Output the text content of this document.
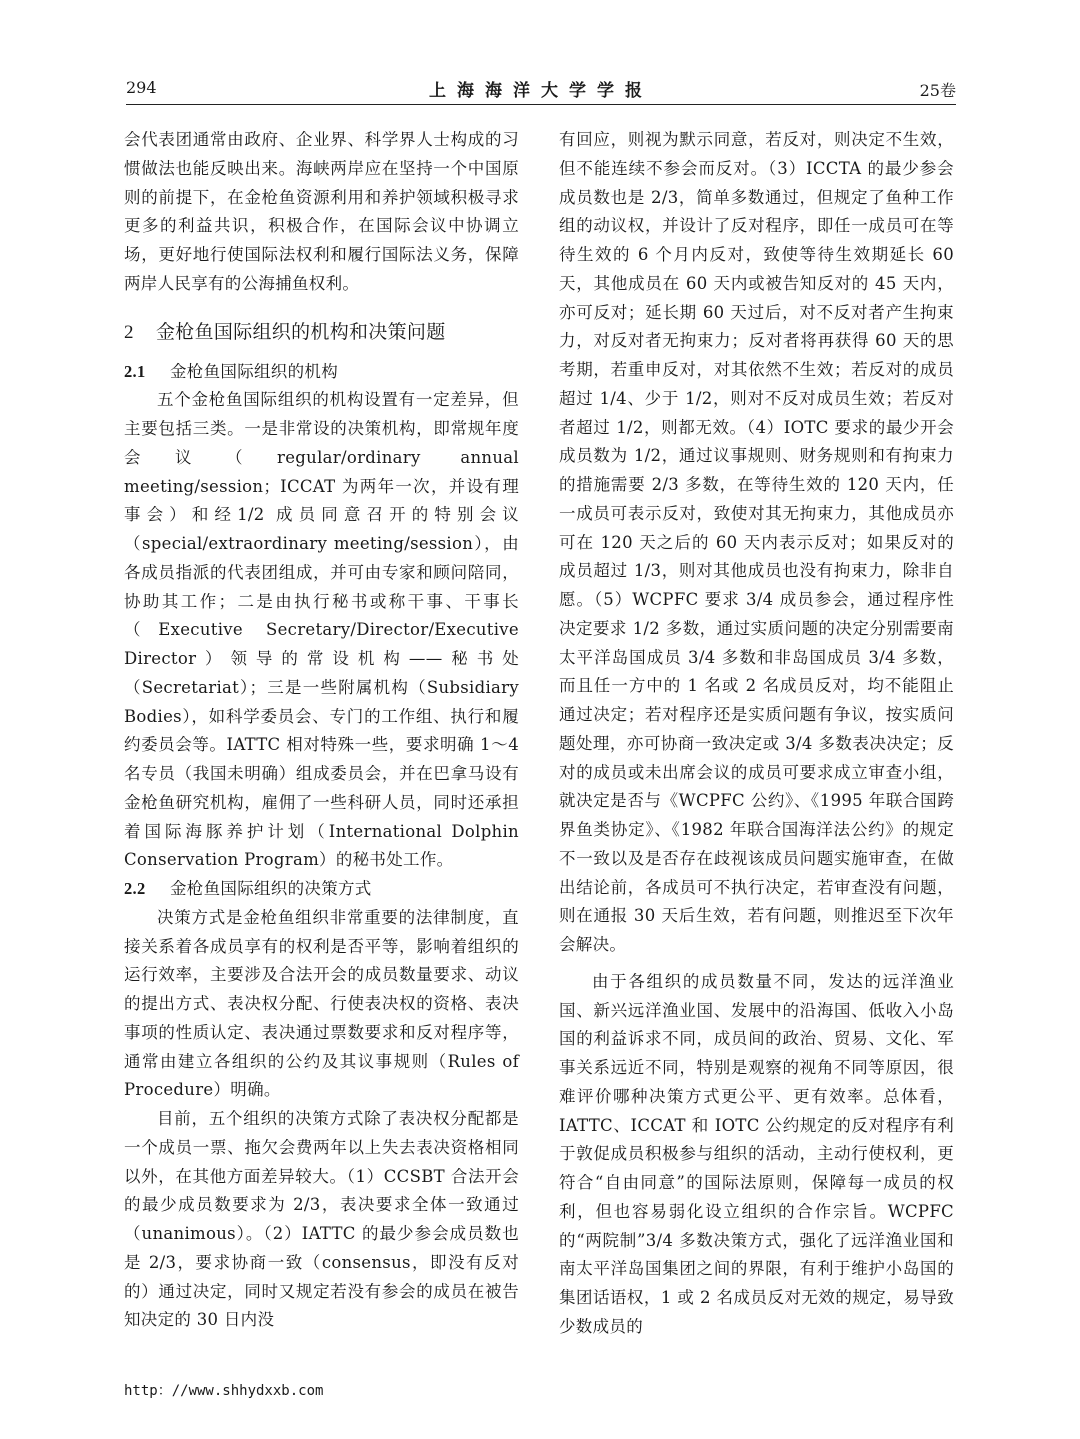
294	上海海洋大学学报	25卷

会代表团通常由政府、企业界、科学界人士构成的习惯做法也能反映出来。海峡两岸应在坚持一个中国原则的前提下，在金枪鱼资源利用和养护领域积极寻求更多的利益共识，积极合作，在国际会议中协调立场，更好地行使国际法权利和履行国际法义务，保障两岸人民享有的公海捕鱼权利。

2 金枪鱼国际组织的机构和决策问题
2.1 金枪鱼国际组织的机构

五个金枪鱼国际组织的机构设置有一定差异，但主要包括三类。一是非常设的决策机构，即常规年度会议（regular/ordinary annual meeting/session；ICCAT 为两年一次，并设有理事会）和经1/2 成员同意召开的特别会议（special/extraordinary meeting/session），由各成员指派的代表团组成，并可由专家和顾问陪同，协助其工作；二是由执行秘书或称干事、干事长（Executive Secretary/Director/Executive Director）领导的常设机构——秘书处（Secretariat）；三是一些附属机构（Subsidiary Bodies），如科学委员会、专门的工作组、执行和履约委员会等。IATTC 相对特殊一些，要求明确 1～4 名专员（我国未明确）组成委员会，并在巴拿马设有金枪鱼研究机构，雇佣了一些科研人员，同时还承担着国际海豚养护计划（International Dolphin Conservation Program）的秘书处工作。

2.2 金枪鱼国际组织的决策方式

决策方式是金枪鱼组织非常重要的法律制度，直接关系着各成员享有的权利是否平等，影响着组织的运行效率，主要涉及合法开会的成员数量要求、动议的提出方式、表决权分配、行使表决权的资格、表决事项的性质认定、表决通过票数要求和反对程序等，通常由建立各组织的公约及其议事规则（Rules of Procedure）明确。

目前，五个组织的决策方式除了表决权分配都是一个成员一票、拖欠会费两年以上失去表决资格相同以外，在其他方面差异较大。（1）CCSBT 合法开会的最少成员数要求为 2/3，表决要求全体一致通过（unanimous）。（2）IATTC 的最少参会成员数也是 2/3，要求协商一致（consensus，即没有反对的）通过决定，同时又规定若没有参会的成员在被告知决定的 30 日内没

有回应，则视为默示同意，若反对，则决定不生效，但不能连续不参会而反对。（3）ICCTA 的最少参会成员数也是 2/3，简单多数通过，但规定了鱼种工作组的动议权，并设计了反对程序，即任一成员可在等待生效的 6 个月内反对，致使等待生效期延长 60 天，其他成员在 60 天内或被告知反对的 45 天内，亦可反对；延长期 60 天过后，对不反对者产生拘束力，对反对者无拘束力；反对者将再获得 60 天的思考期，若重申反对，对其依然不生效；若反对的成员超过 1/4、少于 1/2，则对不反对成员生效；若反对者超过 1/2，则都无效。（4）IOTC 要求的最少开会成员数为 1/2，通过议事规则、财务规则和有拘束力的措施需要 2/3 多数，在等待生效的 120 天内，任一成员可表示反对，致使对其无拘束力，其他成员亦可在 120 天之后的 60 天内表示反对；如果反对的成员超过 1/3，则对其他成员也没有拘束力，除非自愿。（5）WCPFC 要求 3/4 成员参会，通过程序性决定要求 1/2 多数，通过实质问题的决定分别需要南太平洋岛国成员 3/4 多数和非岛国成员 3/4 多数，而且任一方中的 1 名或 2 名成员反对，均不能阻止通过决定；若对程序还是实质问题有争议，按实质问题处理，亦可协商一致决定或 3/4 多数表决决定；反对的成员或未出席会议的成员可要求成立审查小组，就决定是否与《WCPFC 公约》、《1995 年联合国跨界鱼类协定》、《1982 年联合国海洋法公约》的规定不一致以及是否存在歧视该成员问题实施审查，在做出结论前，各成员可不执行决定，若审查没有问题，则在通报 30 天后生效，若有问题，则推迟至下次年会解决。

由于各组织的成员数量不同，发达的远洋渔业国、新兴远洋渔业国、发展中的沿海国、低收入小岛国的利益诉求不同，成员间的政治、贸易、文化、军事关系远近不同，特别是观察的视角不同等原因，很难评价哪种决策方式更公平、更有效率。总体看，IATTC、ICCAT 和 IOTC 公约规定的反对程序有利于敦促成员积极参与组织的活动，主动行使权利，更符合“自由同意”的国际法原则，保障每一成员的权利，但也容易弱化设立组织的合作宗旨。WCPFC 的“两院制”3/4 多数决策方式，强化了远洋渔业国和南太平洋岛国集团之间的界限，有利于维护小岛国的集团话语权，1 或 2 名成员反对无效的规定，易导致少数成员的

http：//www.shhydxxb.com
